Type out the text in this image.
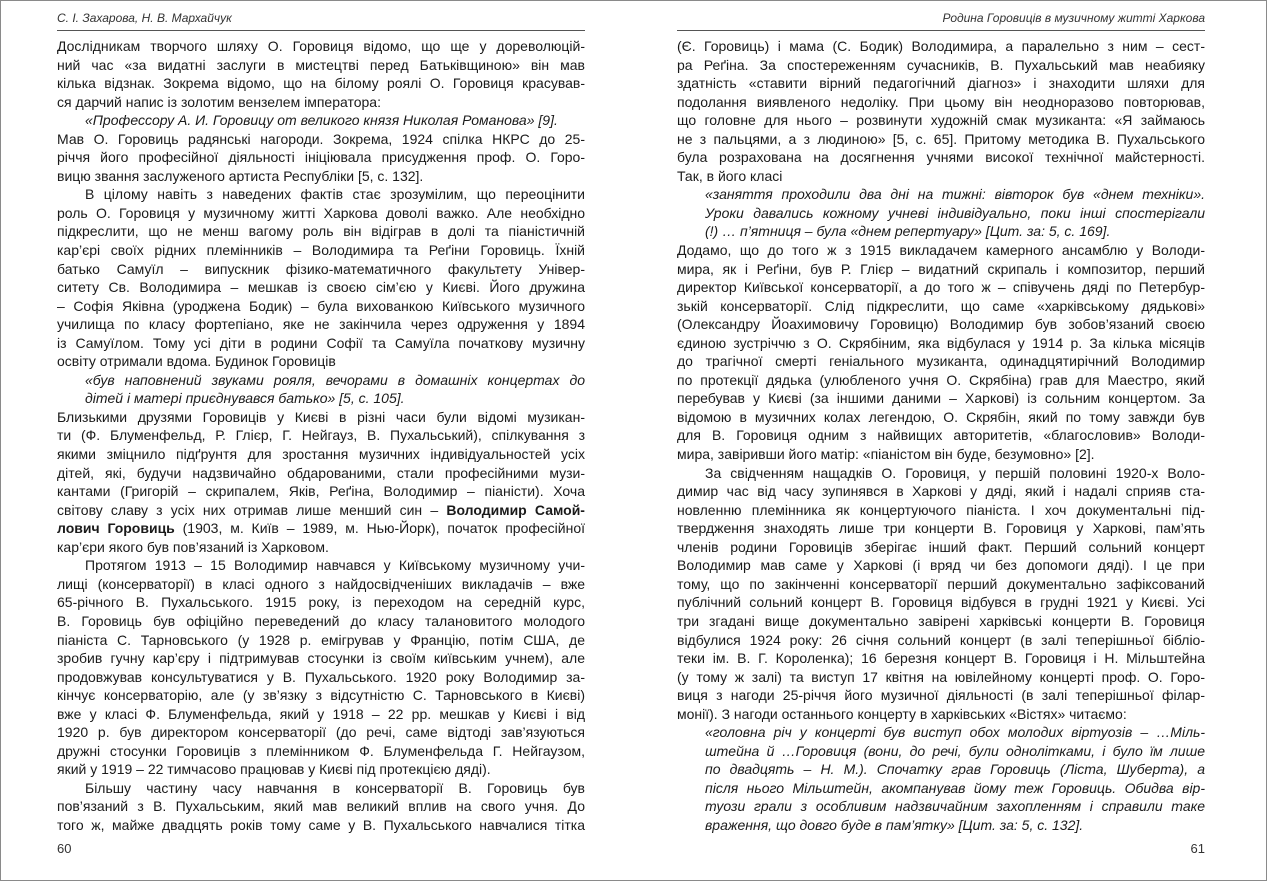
С. І. Захарова, Н. В. Мархайчук
Дослідникам творчого шляху О. Горовиця відомо, що ще у дореволюцій-
ний час «за видатні заслуги в мистецтві перед Батьківщиною» він мав
кілька відзнак. Зокрема відомо, що на білому роялі О. Горовиця красував-
ся дарчий напис із золотим вензелем імператора:
«Профессору А. И. Горовицу от великого князя Николая Романова» [9].
Мав О. Горовиць радянські нагороди. Зокрема, 1924 спілка НКРС до 25-
річчя його професійної діяльності ініціювала присудження проф. О. Горо-
вицю звання заслуженого артиста Республіки [5, с. 132].
В цілому навіть з наведених фактів стає зрозумілим, що переоцінити
роль О. Горовиця у музичному житті Харкова доволі важко. Але необхідно
підкреслити, що не менш вагому роль він відіграв в долі та піаністичній
кар’єрі своїх рідних племінників – Володимира та Реґіни Горовиць. Їхній
батько Самуїл – випускник фізико-математичного факультету Універ-
ситету Св. Володимира – мешкав із своєю сім’єю у Києві. Його дружина
– Софія Яківна (уроджена Бодик) – була вихованкою Київського музичного
училища по класу фортепіано, яке не закінчила через одруження у 1894
із Самуїлом. Тому усі діти в родини Софії та Самуїла початкову музичну
освіту отримали вдома. Будинок Горовиців
«був наповнений звуками рояля, вечорами в домашніх концертах до
дітей і матері приєднувався батько» [5, с. 105].
Близькими друзями Горовиців у Києві в різні часи були відомі музикан-
ти (Ф. Блуменфельд, Р. Глієр, Г. Нейгауз, В. Пухальський), спілкування з
якими зміцнило підґрунтя для зростання музичних індивідуальностей усіх
дітей, які, будучи надзвичайно обдарованими, стали професійними музи-
кантами (Григорій – скрипалем, Яків, Реґіна, Володимир – піаністи). Хоча
світову славу з усіх них отримав лише менший син – Володимир Самой-
лович Горовиць (1903, м. Київ – 1989, м. Нью-Йорк), початок професійної
кар’єри якого був пов’язаний із Харковом.
Протягом 1913 – 15 Володимир навчався у Київському музичному учи-
лищі (консерваторії) в класі одного з найдосвідченіших викладачів – вже
65-річного В. Пухальського. 1915 року, із переходом на середній курс,
В. Горовиць був офіційно переведений до класу талановитого молодого
піаніста С. Тарновського (у 1928 р. емігрував у Францію, потім США, де
зробив гучну кар’єру і підтримував стосунки із своїм київським учнем), але
продовжував консультуватися у В. Пухальського. 1920 року Володимир за-
кінчує консерваторію, але (у зв’язку з відсутністю С. Тарновського в Києві)
вже у класі Ф. Блуменфельда, який у 1918 – 22 рр. мешкав у Києві і від
1920 р. був директором консерваторії (до речі, саме відтоді зав’язуються
дружні стосунки Горовиців з племінником Ф. Блуменфельда Г. Нейгаузом,
який у 1919 – 22 тимчасово працював у Києві під протекцією дяді).
Більшу частину часу навчання в консерваторії В. Горовиць був
пов’язаний з В. Пухальським, який мав великий вплив на свого учня. До
того ж, майже двадцять років тому саме у В. Пухальського навчалися тітка
60
Родина Горовиців в музичному житті Харкова
(Є. Горовиць) і мама (С. Бодик) Володимира, а паралельно з ним – сест-
ра Реґіна. За спостереженням сучасників, В. Пухальський мав неабияку
здатність «ставити вірний педагогічний діагноз» і знаходити шляхи для
подолання виявленого недоліку. При цьому він неодноразово повторював,
що головне для нього – розвинути художній смак музиканта: «Я займаюсь
не з пальцями, а з людиною» [5, с. 65]. Притому методика В. Пухальського
була розрахована на досягнення учнями високої технічної майстерності.
Так, в його класі
«заняття проходили два дні на тижні: вівторок був «днем техніки».
Уроки давались кожному учневі індивідуально, поки інші спостерігали
(!) … п’ятниця – була «днем репертуару» [Цит. за: 5, с. 169].
Додамо, що до того ж з 1915 викладачем камерного ансамблю у Володи-
мира, як і Реґіни, був Р. Глієр – видатний скрипаль і композитор, перший
директор Київської консерваторії, а до того ж – співучень дяді по Петербур-
зькій консерваторії. Слід підкреслити, що саме «харківському дядькові»
(Олександру Йоахимовичу Горовицю) Володимир був зобов’язаний своєю
єдиною зустріччю з О. Скрябіним, яка відбулася у 1914 р. За кілька місяців
до трагічної смерті геніального музиканта, одинадцятирічний Володимир
по протекції дядька (улюбленого учня О. Скрябіна) грав для Маестро, який
перебував у Києві (за іншими даними – Харкові) із сольним концертом. За
відомою в музичних колах легендою, О. Скрябін, який по тому завжди був
для В. Горовиця одним з найвищих авторитетів, «благословив» Володи-
мира, завіривши його матір: «піаністом він буде, безумовно» [2].
За свідченням нащадків О. Горовиця, у першій половині 1920-х Воло-
димир час від часу зупинявся в Харкові у дяді, який і надалі сприяв ста-
новленню племінника як концертуючого піаніста. І хоч документальні під-
твердження знаходять лише три концерти В. Горовиця у Харкові, пам’ять
членів родини Горовиців зберігає інший факт. Перший сольний концерт
Володимир мав саме у Харкові (і вряд чи без допомоги дяді). І це при
тому, що по закінченні консерваторії перший документально зафіксований
публічний сольний концерт В. Горовиця відбувся в грудні 1921 у Києві. Усі
три згадані вище документально завірені харківські концерти В. Горовиця
відбулися 1924 року: 26 січня сольний концерт (в залі теперішньої бібліо-
теки ім. В. Г. Короленка); 16 березня концерт В. Горовиця і Н. Мільштейна
(у тому ж залі) та виступ 17 квітня на ювілейному концерті проф. О. Горо-
виця з нагоди 25-річчя його музичної діяльності (в залі теперішньої філар-
монії). З нагоди останнього концерту в харківських «Вістях» читаємо:
«головна річ у концерті був виступ обох молодих віртуозів – …Міль-
штейна й …Горовиця (вони, до речі, були однолітками, і було їм лише
по двадцять – Н. М.). Спочатку грав Горовиць (Ліста, Шуберта), а
після нього Мільштейн, акомпанував йому теж Горовиць. Обидва вір-
туози грали з особливим надзвичайним захопленням і справили таке
враження, що довго буде в пам’ятку» [Цит. за: 5, с. 132].
61
